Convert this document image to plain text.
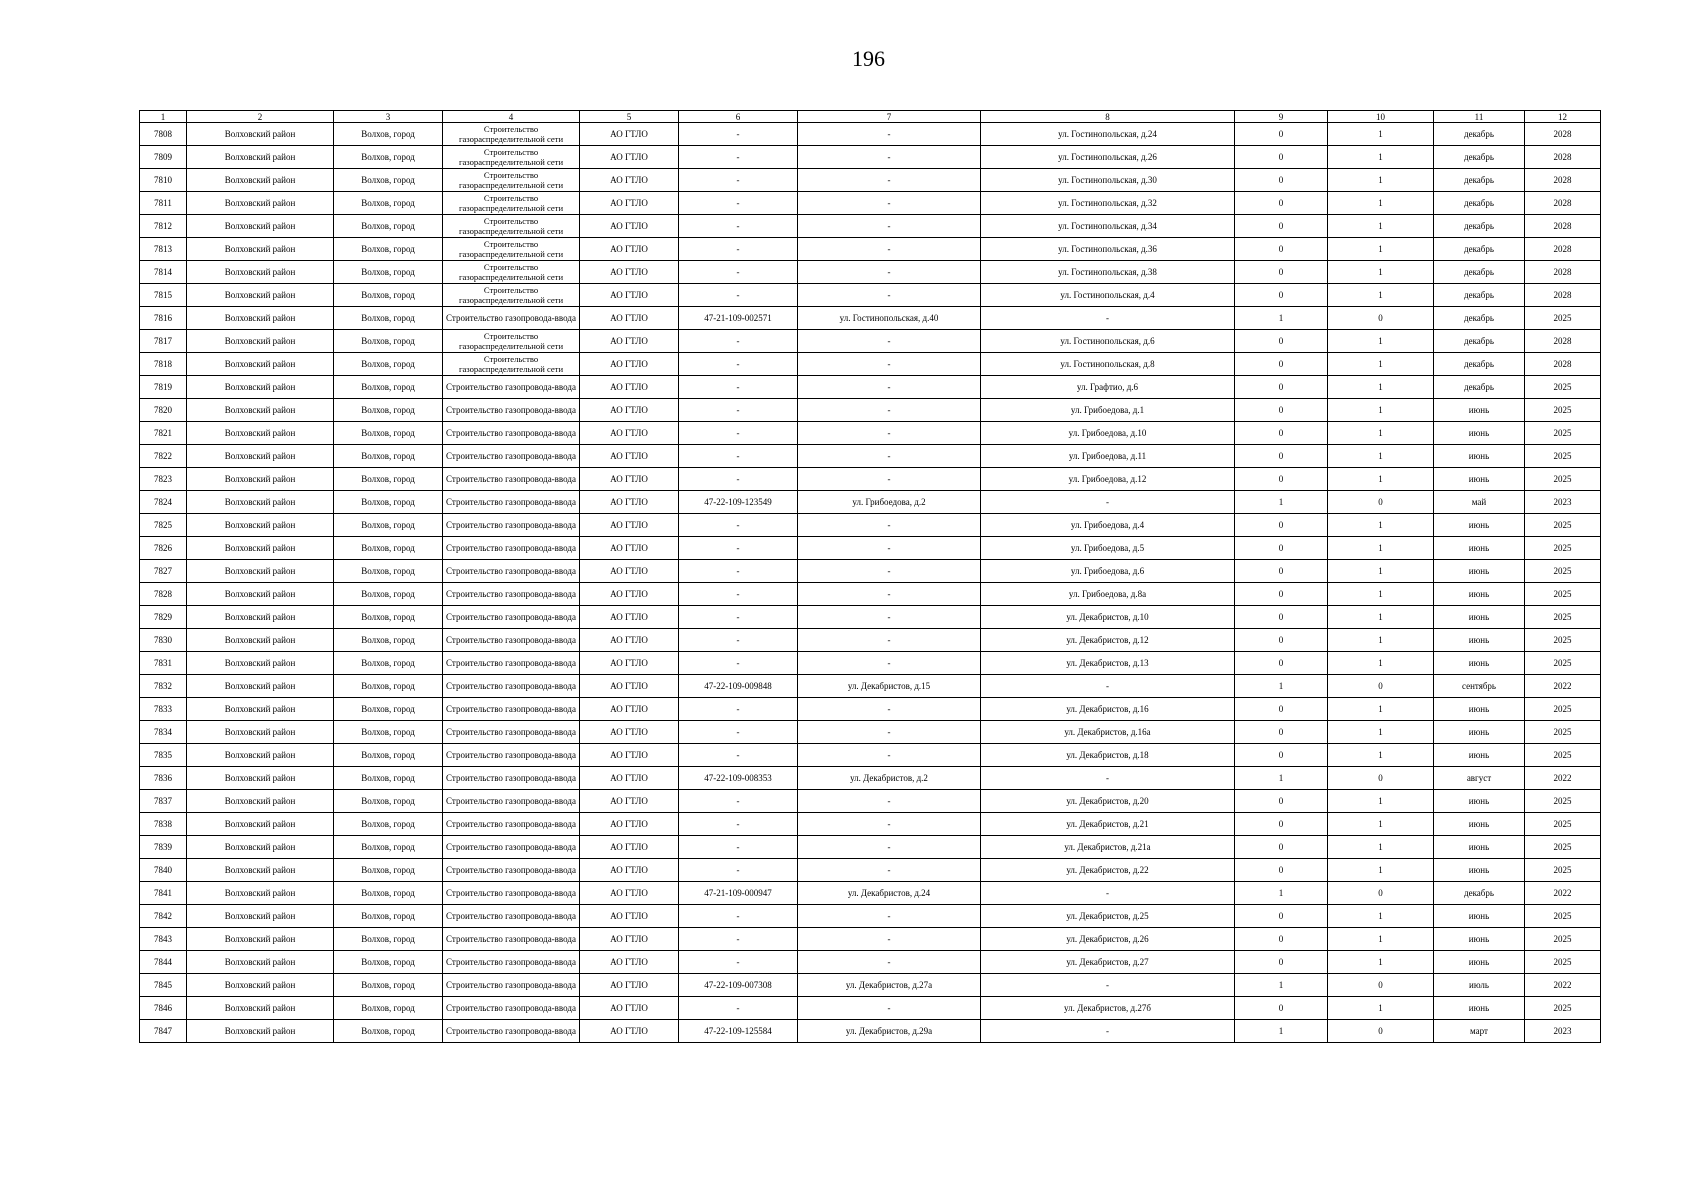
196
1	2	3	4	5	6	7	8	9	10	11	12
7808	Волховский район	Волхов, город	Строительство газораспределительной сети	АО ГТЛО	-	-	ул. Гостинопольская, д.24	0	1	декабрь	2028
7809	Волховский район	Волхов, город	Строительство газораспределительной сети	АО ГТЛО	-	-	ул. Гостинопольская, д.26	0	1	декабрь	2028
7810	Волховский район	Волхов, город	Строительство газораспределительной сети	АО ГТЛО	-	-	ул. Гостинопольская, д.30	0	1	декабрь	2028
7811	Волховский район	Волхов, город	Строительство газораспределительной сети	АО ГТЛО	-	-	ул. Гостинопольская, д.32	0	1	декабрь	2028
7812	Волховский район	Волхов, город	Строительство газораспределительной сети	АО ГТЛО	-	-	ул. Гостинопольская, д.34	0	1	декабрь	2028
7813	Волховский район	Волхов, город	Строительство газораспределительной сети	АО ГТЛО	-	-	ул. Гостинопольская, д.36	0	1	декабрь	2028
7814	Волховский район	Волхов, город	Строительство газораспределительной сети	АО ГТЛО	-	-	ул. Гостинопольская, д.38	0	1	декабрь	2028
7815	Волховский район	Волхов, город	Строительство газораспределительной сети	АО ГТЛО	-	-	ул. Гостинопольская, д.4	0	1	декабрь	2028
7816	Волховский район	Волхов, город	Строительство газопровода-ввода	АО ГТЛО	47-21-109-002571	ул. Гостинопольская, д.40	-	1	0	декабрь	2025
7817	Волховский район	Волхов, город	Строительство газораспределительной сети	АО ГТЛО	-	-	ул. Гостинопольская, д.6	0	1	декабрь	2028
7818	Волховский район	Волхов, город	Строительство газораспределительной сети	АО ГТЛО	-	-	ул. Гостинопольская, д.8	0	1	декабрь	2028
7819	Волховский район	Волхов, город	Строительство газопровода-ввода	АО ГТЛО	-	-	ул. Графтио, д.6	0	1	декабрь	2025
7820	Волховский район	Волхов, город	Строительство газопровода-ввода	АО ГТЛО	-	-	ул. Грибоедова, д.1	0	1	июнь	2025
7821	Волховский район	Волхов, город	Строительство газопровода-ввода	АО ГТЛО	-	-	ул. Грибоедова, д.10	0	1	июнь	2025
7822	Волховский район	Волхов, город	Строительство газопровода-ввода	АО ГТЛО	-	-	ул. Грибоедова, д.11	0	1	июнь	2025
7823	Волховский район	Волхов, город	Строительство газопровода-ввода	АО ГТЛО	-	-	ул. Грибоедова, д.12	0	1	июнь	2025
7824	Волховский район	Волхов, город	Строительство газопровода-ввода	АО ГТЛО	47-22-109-123549	ул. Грибоедова, д.2	-	1	0	май	2023
7825	Волховский район	Волхов, город	Строительство газопровода-ввода	АО ГТЛО	-	-	ул. Грибоедова, д.4	0	1	июнь	2025
7826	Волховский район	Волхов, город	Строительство газопровода-ввода	АО ГТЛО	-	-	ул. Грибоедова, д.5	0	1	июнь	2025
7827	Волховский район	Волхов, город	Строительство газопровода-ввода	АО ГТЛО	-	-	ул. Грибоедова, д.6	0	1	июнь	2025
7828	Волховский район	Волхов, город	Строительство газопровода-ввода	АО ГТЛО	-	-	ул. Грибоедова, д.8а	0	1	июнь	2025
7829	Волховский район	Волхов, город	Строительство газопровода-ввода	АО ГТЛО	-	-	ул. Декабристов, д.10	0	1	июнь	2025
7830	Волховский район	Волхов, город	Строительство газопровода-ввода	АО ГТЛО	-	-	ул. Декабристов, д.12	0	1	июнь	2025
7831	Волховский район	Волхов, город	Строительство газопровода-ввода	АО ГТЛО	-	-	ул. Декабристов, д.13	0	1	июнь	2025
7832	Волховский район	Волхов, город	Строительство газопровода-ввода	АО ГТЛО	47-22-109-009848	ул. Декабристов, д.15	-	1	0	сентябрь	2022
7833	Волховский район	Волхов, город	Строительство газопровода-ввода	АО ГТЛО	-	-	ул. Декабристов, д.16	0	1	июнь	2025
7834	Волховский район	Волхов, город	Строительство газопровода-ввода	АО ГТЛО	-	-	ул. Декабристов, д.16а	0	1	июнь	2025
7835	Волховский район	Волхов, город	Строительство газопровода-ввода	АО ГТЛО	-	-	ул. Декабристов, д.18	0	1	июнь	2025
7836	Волховский район	Волхов, город	Строительство газопровода-ввода	АО ГТЛО	47-22-109-008353	ул. Декабристов, д.2	-	1	0	август	2022
7837	Волховский район	Волхов, город	Строительство газопровода-ввода	АО ГТЛО	-	-	ул. Декабристов, д.20	0	1	июнь	2025
7838	Волховский район	Волхов, город	Строительство газопровода-ввода	АО ГТЛО	-	-	ул. Декабристов, д.21	0	1	июнь	2025
7839	Волховский район	Волхов, город	Строительство газопровода-ввода	АО ГТЛО	-	-	ул. Декабристов, д.21а	0	1	июнь	2025
7840	Волховский район	Волхов, город	Строительство газопровода-ввода	АО ГТЛО	-	-	ул. Декабристов, д.22	0	1	июнь	2025
7841	Волховский район	Волхов, город	Строительство газопровода-ввода	АО ГТЛО	47-21-109-000947	ул. Декабристов, д.24	-	1	0	декабрь	2022
7842	Волховский район	Волхов, город	Строительство газопровода-ввода	АО ГТЛО	-	-	ул. Декабристов, д.25	0	1	июнь	2025
7843	Волховский район	Волхов, город	Строительство газопровода-ввода	АО ГТЛО	-	-	ул. Декабристов, д.26	0	1	июнь	2025
7844	Волховский район	Волхов, город	Строительство газопровода-ввода	АО ГТЛО	-	-	ул. Декабристов, д.27	0	1	июнь	2025
7845	Волховский район	Волхов, город	Строительство газопровода-ввода	АО ГТЛО	47-22-109-007308	ул. Декабристов, д.27а	-	1	0	июль	2022
7846	Волховский район	Волхов, город	Строительство газопровода-ввода	АО ГТЛО	-	-	ул. Декабристов, д.27б	0	1	июнь	2025
7847	Волховский район	Волхов, город	Строительство газопровода-ввода	АО ГТЛО	47-22-109-125584	ул. Декабристов, д.29а	-	1	0	март	2023
